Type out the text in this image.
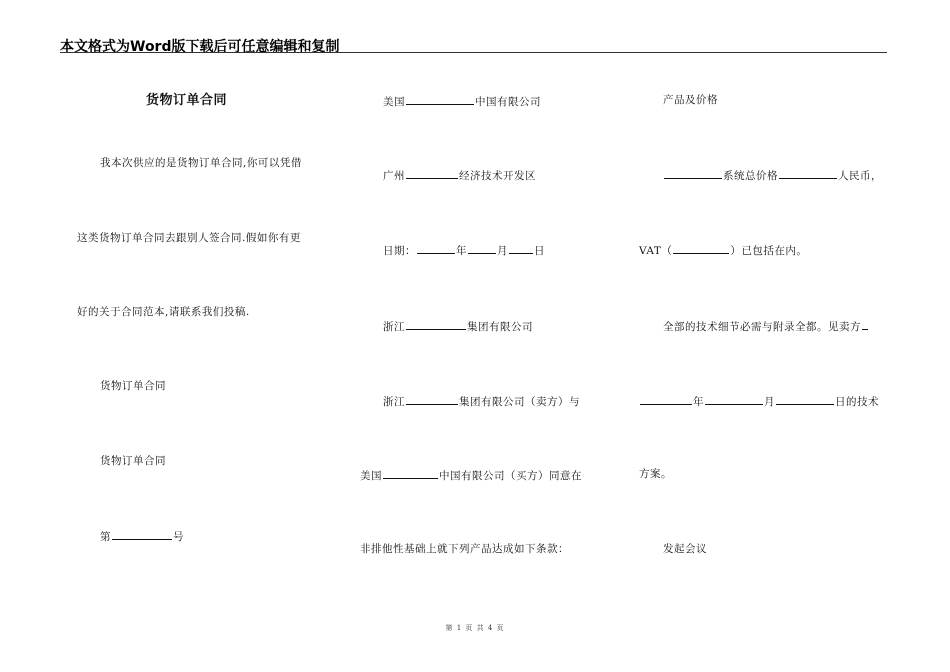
本文格式为Word版下载后可任意编辑和复制
货物订单合同
我本次供应的是货物订单合同,你可以凭借
这类货物订单合同去跟别人签合同.假如你有更
好的关于合同范本,请联系我们投稿.
货物订单合同
货物订单合同
第	号
美国	中国有限公司
广州	经济技术开发区
日期：	年	月 日
浙江	集团有限公司
浙江	集团有限公司（卖方）与
美国	中国有限公司（买方）同意在
非排他性基础上就下列产品达成如下条款：
产品及价格
系统总价格	人民币，
VAT（	）已包括在内。
全部的技术细节必需与附录全都。见卖方
年	月	日的技术
方案。
发起会议
第 1 页 共 4 页
